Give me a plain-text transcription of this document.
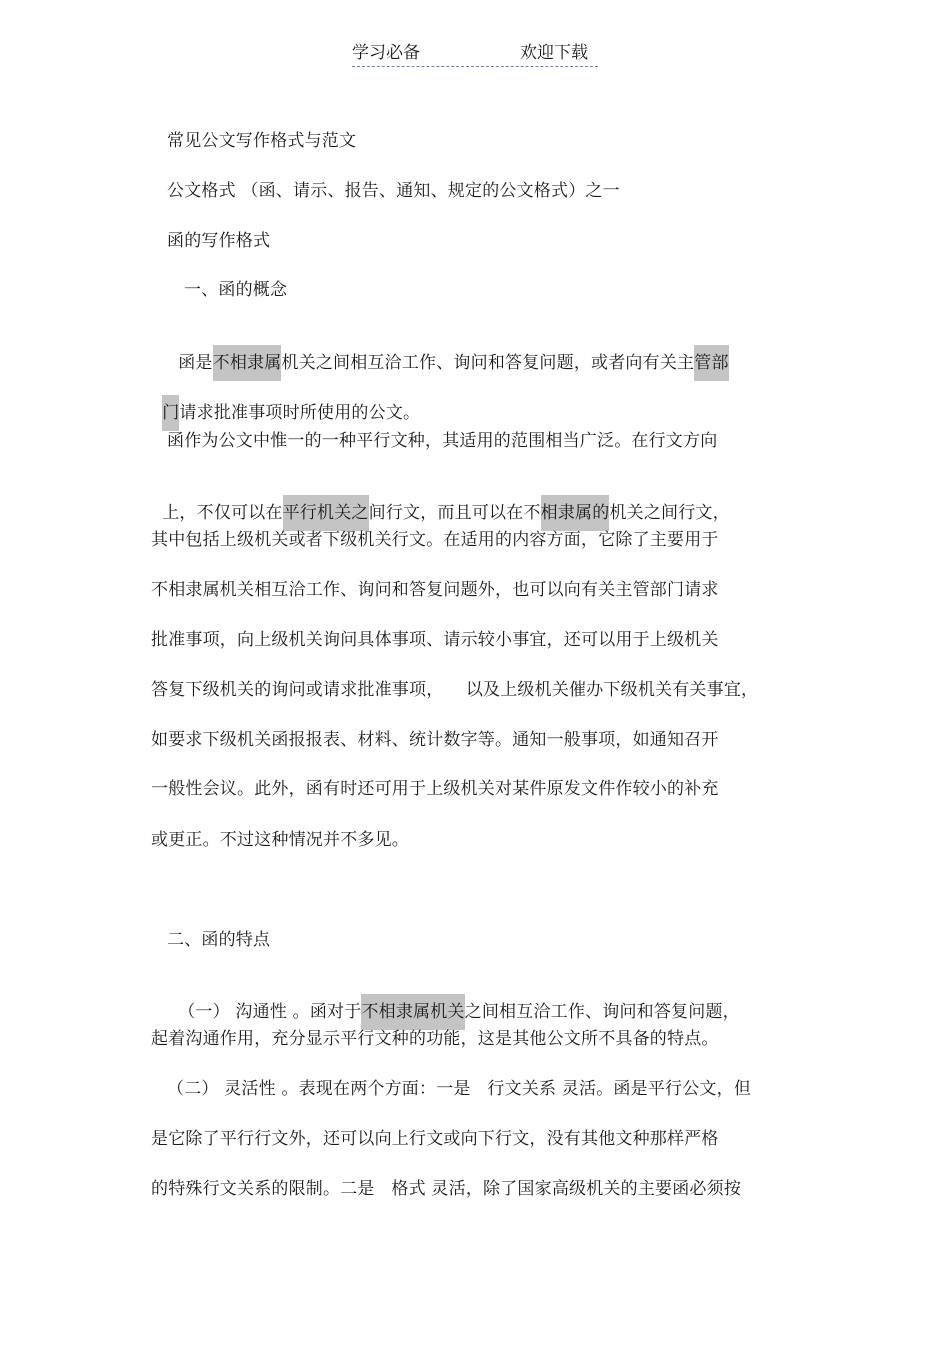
学习必备	欢迎下载
常见公文写作格式与范文
公文格式 （函、请示、报告、通知、规定的公文格式）之一
函的写作格式
一、函的概念

函是不相隶属机关之间相互洽工作、询问和答复问题，或者向有关主管部

门请求批准事项时所使用的公文。

函作为公文中惟一的一种平行文种，其适用的范围相当广泛。在行文方向

上，不仅可以在平行机关之间行文，而且可以在不相隶属的机关之间行文，

其中包括上级机关或者下级机关行文。在适用的内容方面，它除了主要用于
不相隶属机关相互洽工作、询问和答复问题外，也可以向有关主管部门请求
批准事项，向上级机关询问具体事项、请示较小事宜，还可以用于上级机关
答复下级机关的询问或请求批准事项，    以及上级机关催办下级机关有关事宜，
如要求下级机关函报报表、材料、统计数字等。通知一般事项，如通知召开
一般性会议。此外，函有时还可用于上级机关对某件原发文件作较小的补充
或更正。不过这种情况并不多见。
二、函的特点

（一） 沟通性 。函对于不相隶属机关之间相互洽工作、询问和答复问题，

起着沟通作用，充分显示平行文种的功能，这是其他公文所不具备的特点。
（二） 灵活性 。表现在两个方面：一是   行文关系 灵活。函是平行公文，但
是它除了平行行文外，还可以向上行文或向下行文，没有其他文种那样严格
的特殊行文关系的限制。二是   格式 灵活，除了国家高级机关的主要函必须按
